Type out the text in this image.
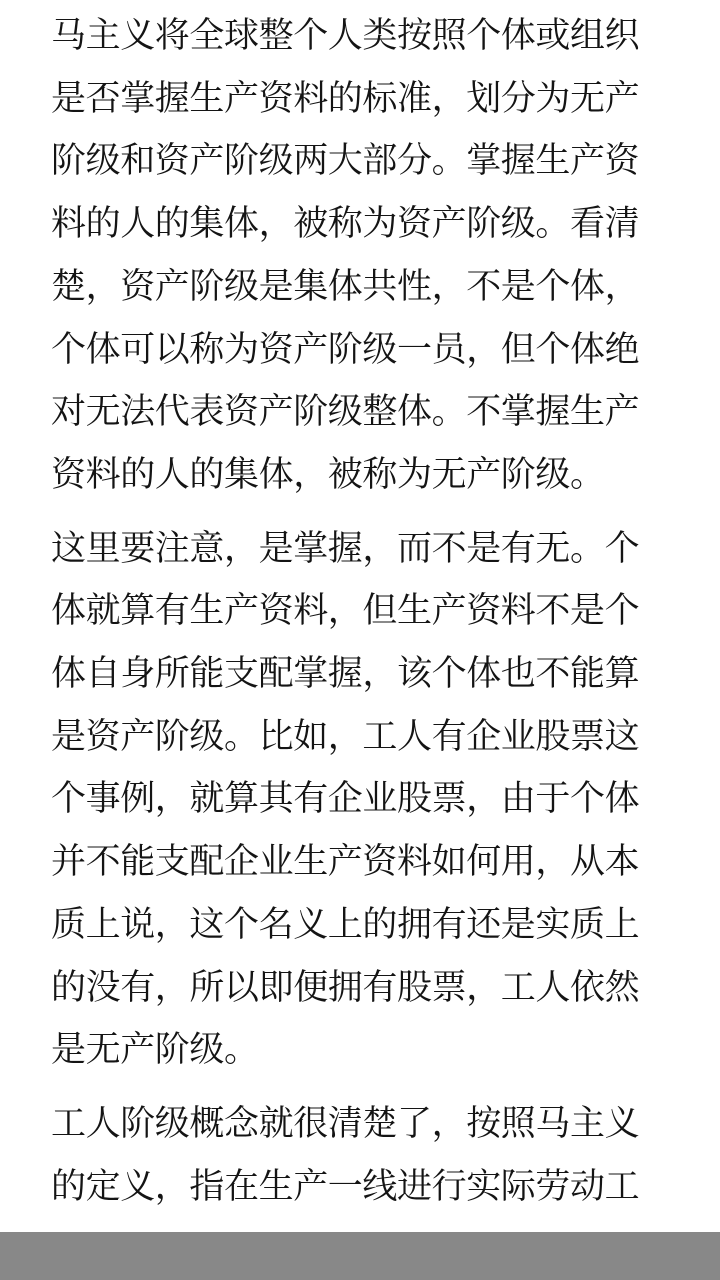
马主义将全球整个人类按照个体或组织是否掌握生产资料的标准，划分为无产阶级和资产阶级两大部分。掌握生产资料的人的集体，被称为资产阶级。看清楚，资产阶级是集体共性，不是个体，个体可以称为资产阶级一员，但个体绝对无法代表资产阶级整体。不掌握生产资料的人的集体，被称为无产阶级。

这里要注意，是掌握，而不是有无。个体就算有生产资料，但生产资料不是个体自身所能支配掌握，该个体也不能算是资产阶级。比如，工人有企业股票这个事例，就算其有企业股票，由于个体并不能支配企业生产资料如何用，从本质上说，这个名义上的拥有还是实质上的没有，所以即便拥有股票，工人依然是无产阶级。

工人阶级概念就很清楚了，按照马主义的定义，指在生产一线进行实际劳动工
